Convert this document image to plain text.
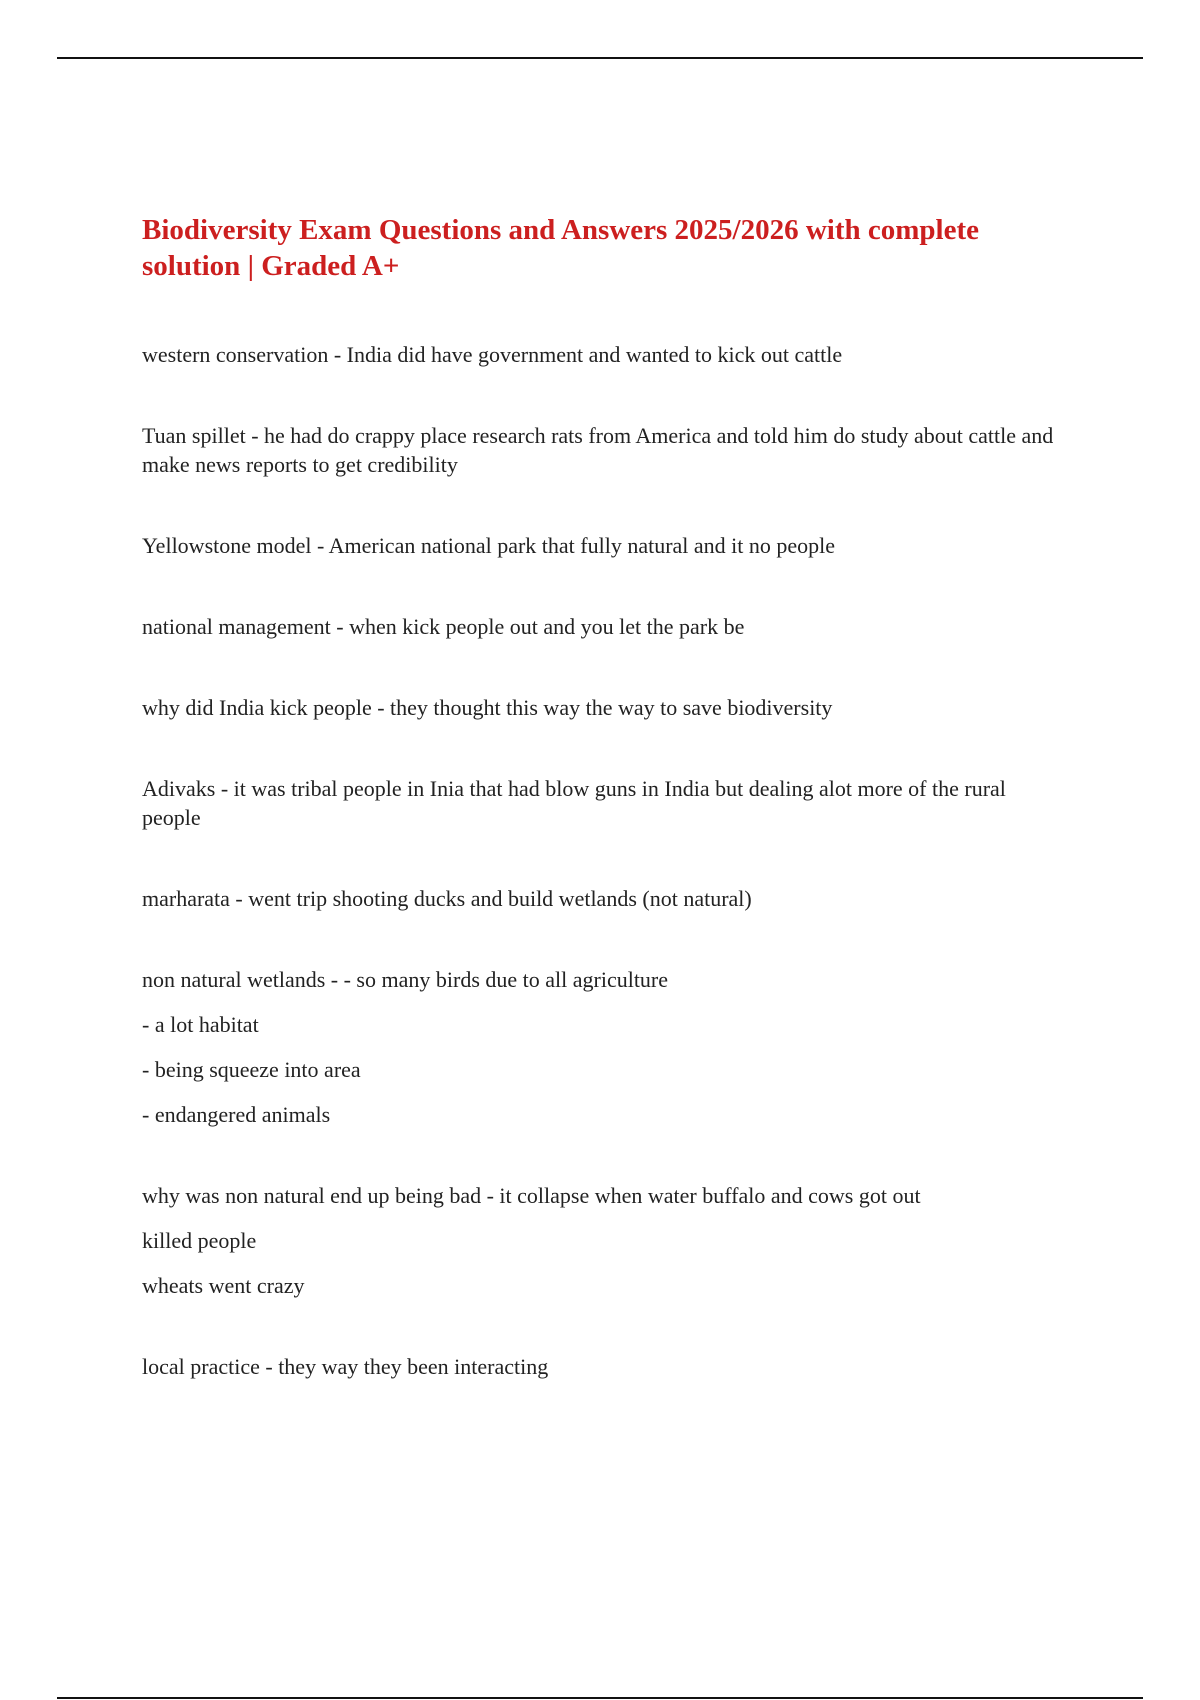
Biodiversity Exam Questions and Answers 2025/2026 with complete solution | Graded A+

western conservation - India did have government and wanted to kick out cattle

Tuan spillet - he had do crappy place research rats from America and told him do study about cattle and make news reports to get credibility

Yellowstone model - American national park that fully natural and it no people

national management - when kick people out and you let the park be

why did India kick people - they thought this way the way to save biodiversity

Adivaks - it was tribal people in Inia that had blow guns in India but dealing alot more of the rural people

marharata - went trip shooting ducks and build wetlands (not natural)

non natural wetlands - - so many birds due to all agriculture

- a lot habitat
- being squeeze into area
- endangered animals

why was non natural end up being bad - it collapse when water buffalo and cows got out

killed people
wheats went crazy

local practice - they way they been interacting
